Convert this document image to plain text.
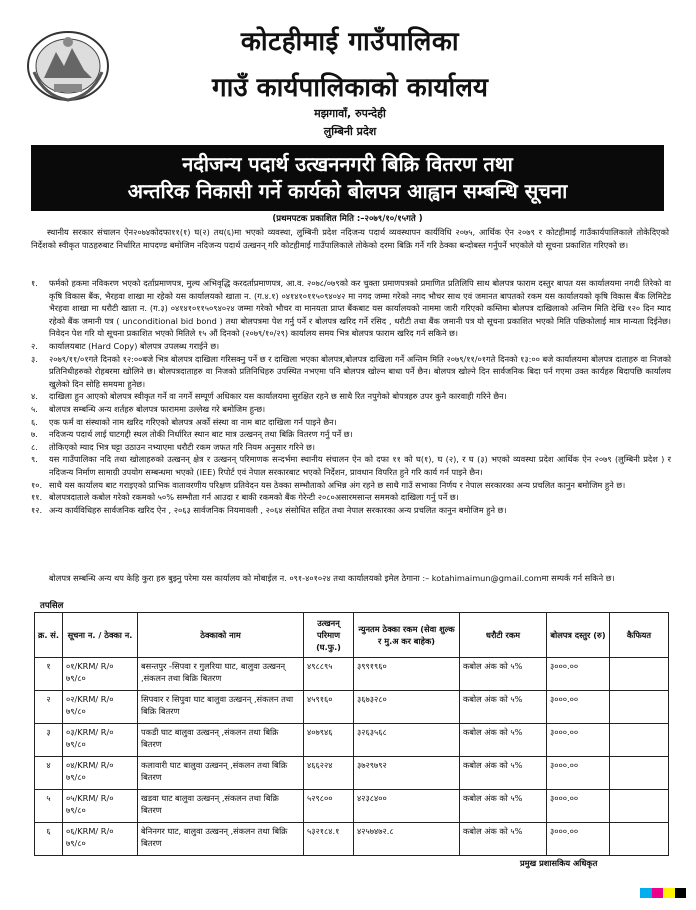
कोटहीमाई गाउँपालिका
गाउँ कार्यपालिकाको कार्यालय
मझगावाँ, रुपन्देही
लुम्बिनी प्रदेश
नदीजन्य पदार्थ उत्खननगरी बिक्रि वितरण तथा
अन्तरिक निकासी गर्ने कार्यको बोलपत्र आह्वान सम्बन्धि सूचना
(प्रथमपटक प्रकाशित मिति :–२०७९/१०/१५गते )
स्थानीय सरकार संचालन ऐन२०७४कोदफा११(१) घ(२) तथ(६)मा भएको व्यवस्था, लुम्बिनी प्रदेश नदिजन्य पदार्थ व्यवस्थापन कार्यविधि २०७५, आर्थिक ऐन २०७९ र कोटहीमाई गाउँकार्यपालिकाले तोकेदिएको निर्देशको स्वीकृत पाठहरुबाट निर्धारित मापदण्ड बमोजिम नदिजन्य पदार्थ उत्खनन् गरि कोटहीमाई गाउँपालिकाले तोकेको दरमा बिक्रि गर्ने गरि ठेक्का बन्दोबस्त गर्नुपर्ने भएकोले यो सूचना प्रकाशित गरिएको छ।
१.	फर्मको हकमा नविकरण भएको दर्ताप्रमाणपत्र, मुल्य अभिवृद्धि करदर्ताप्रमाणपत्र, आ.व. २०७८/०७९को कर चुक्ता प्रमाणपत्रको प्रमाणित प्रतिलिपि साथ बोलपत्र फाराम दस्तुर बापत यस कार्यालयमा नगदी तिरेको वा कृषि विकास बैंक, भैरहवा शाखा मा रहेको यस कार्यालयको खाता न. (ग.४.१) ०४१४१०११५०९४०४२ मा नगद जम्मा गरेको नगद भौचर साथ एवं जमानत बापतको रकम यस कार्यालयको कृषि विकास बैंक लिमिटेड भैरहवा शाखा मा धरौटी खाता न. (ग.३) ०४१४१०११५०९४०२४ जम्मा गरेको भौचर वा मानयता प्राप्त बैंकबाट यस कार्यालयको नाममा जारी गरिएको कम्तिमा बोलपत्र दाखिलाको अन्तिम मिति देखि १२० दिन म्याद रहेको बैंक जमानी पत्र ( unconditional bid bond ) तथा बोलपत्रमा पेश गर्नु पर्ने र बोलपत्र खरिद गर्ने रसिद , धरौटी तथा बैंक जमानी पत्र यो सूचना प्रकाशित भएको मिति पछिकोलाई मात्र मान्यता दिईनेछ। निवेदन पेश गरि यो सूचना प्रकाशित भएको मितिले १५ औं दिनको (२०७९/१०/२९) कार्यालय समय भित्र बोलपत्र फाराम खरिद गर्न सकिने छ।
२.	कार्यालयबाट (Hard Copy) बोलपत्र उपलब्ध गराईने छ।
३.	२०७९/११/०१गते दिनको १२:००बजे भित्र बोलपत्र दाखिला गरिसक्नु पर्ने छ र दाखिला भएका बोलपत्र,बोलपत्र दाखिला गर्ने अन्तिम मिति २०७९/११/०१गते दिनको १३:०० बजे कार्यालयमा बोलपत्र दाताहरु वा निजको प्रतिनिधीहरुको रोहबरमा खोलिने छ। बोलपत्रदाताहरु वा निजको प्रतिनिधिहरु उपस्थित नभएमा पनि बोलपत्र खोल्न बाधा पर्ने छैन। बोलपत्र खोल्ने दिन सार्वजनिक बिदा पर्न गएमा उक्त कार्यहरु बिदापछि कार्यालय खुलेको दिन सोहि समयमा हुनेछ।
४.	दाखिला हुन आएको बोलपत्र स्वीकृत गर्ने वा नगर्ने सम्पूर्ण अधिकार यस कार्यालयमा सुरक्षित रहने छ साथै रित नपुगेको बोपत्रहरु उपर कुनै कारवाही गरिने छैन।
५.	बोलपत्र सम्बन्धि अन्य शर्तहरु बोलपत्र फाराममा उल्लेख गरे बमोजिम हुन्छ।
६.	एक फर्म वा संस्थाको नाम खरिद गरिएको बोलपत्र अर्को संस्था वा नाम बाट दाखिला गर्न पाइने छैन।
७.	नदिजन्य पदार्थ लाई घाटगद्दी स्थल तोकी निर्धारित स्थान बाट मात्र उत्खनन् तथा बिक्रि वितरण गर्नु पर्ने छ।
८.	तोकिएको म्याद भित्र घट्टा उठाउन नभ्याएमा धरौटी रकम जफत गरि नियम अनुसार गरिने छ।
९.	यस गाउँपालिका नदि तथा खोलाहरुको उत्खनन् क्षेत्र र उत्खनन् परिमाणक सन्दर्भमा स्थानीय संचालन ऐन को दफा ११ को घ(१), घ (२), र घ (३) भएको व्यवस्था प्रदेश आर्थिक ऐन २०७९ (लुम्बिनी प्रदेश ) र नदिजन्य निर्माण सामाग्री उपयोग सम्बन्धमा भएको (IEE) रिपोर्ट एवं नेपाल सरकारबाट भएको निर्देशन, प्रावधान विपरित हुने गरि कार्य गर्न पाइने छैन।
१०. साथै यस कार्यालय बाट गराइएको प्राभिक वातावरणीय परिक्षण प्रतिवेदन यस ठेक्का सम्भौताको अभिन्न अंग रहने छ साथै गाउँ सभाका निर्णय र नेपाल सरकारका अन्य प्रचलित कानुन बमोजिम हुने छ।
११. बोलपत्रदाताले कबोल गरेको रकमको ५०% सम्भौता गर्न आउदा र बाकी रकमको बैंक गेरेन्टी २०८०असारमसान्त सममको दाखिला गर्नु पर्ने छ।
१२. अन्य कार्यविधिहरु सार्वजनिक खरिद ऐन , २०६३ सार्वजनिक नियमावली , २०६४ संसोधित सहित तथा नेपाल सरकारका अन्य प्रचलित कानुन बमोजिम हुने छ।
बोलपत्र सम्बन्धि अन्य थप केहि कुरा हरु बुझ्नु परेमा यस कार्यालय को मोबाईल न. ०९१-४०१०२४ तथा कार्यालयको इमेल ठेगाना :– kotahimaimun@gmail.comमा सम्पर्क गर्न सकिने छ।
तपसिल
क्र. सं.	सूचना न. / ठेक्का न.	ठेक्काको नाम	उत्खनन् परिमाण (घ.फु.)	न्युनतम ठेक्का रकम (सेवा शुल्क र मु.अ कर बाहेक)	धरौटी रकम	बोलपत्र दस्तुर (रु)	कैफियत
१	०१/KRM/ R/० ७९/८०	बसन्तपुर -सिपवा र गुलरिया घाट, बालुवा उत्खनन् ,संकलन तथा बिक्रि बितरण	४९८८९५	३९९१९६०	कबोल अंक को ५%	३०००.००	
२	०२/KRM/ R/० ७९/८०	सिपवार र सिपुवा घाट बालुवा उत्खनन् ,संकलन तथा बिक्रि बितरण	४५९१६०	३६७३२८०	कबोल अंक को ५%	३०००.००	
३	०३/KRM/ R/० ७९/८०	पकडी घाट बालुवा उत्खनन् ,संकलन तथा बिक्रि बितरण	४०७९४६	३२६३५६८	कबोल अंक को ५%	३०००.००	
४	०४/KRM/ R/० ७९/८०	कलावारी घाट बालुवा उत्खनन् ,संकलन तथा बिक्रि बितरण	४६६२२४	३७२९७९२	कबोल अंक को ५%	३०००.००	
५	०५/KRM/ R/० ७९/८०	खडवा घाट बालुवा उत्खनन् ,संकलन तथा बिक्रि बितरण	५२९८००	४२३८४००	कबोल अंक को ५%	३०००.००	
६	०६/KRM/ R/० ७९/८०	बेनिनगर घाट, बालुवा उत्खनन् ,संकलन तथा बिक्रि बितरण	५३२१८४.१	४२५७४७२.८	कबोल अंक को ५%	३०००.००	
प्रमुख प्रशासकिय अधिकृत
